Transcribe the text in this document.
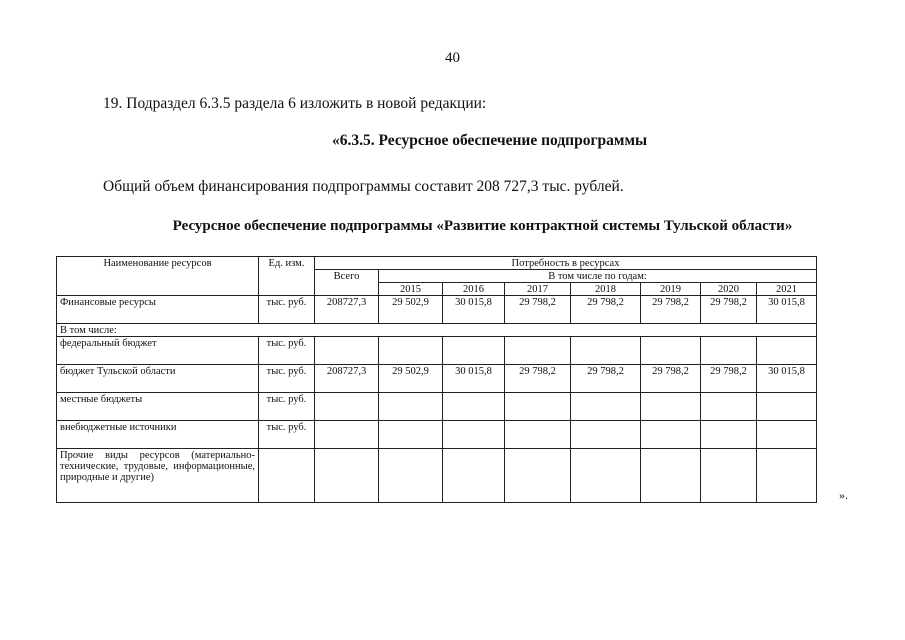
40
19. Подраздел 6.3.5 раздела 6 изложить в новой редакции:
«6.3.5. Ресурсное обеспечение подпрограммы
Общий объем финансирования подпрограммы составит 208 727,3 тыс. рублей.
Ресурсное обеспечение подпрограммы «Развитие контрактной системы Тульской области»
Наименование ресурсов	Ед. изм.	Потребность в ресурсах							
		Всего	В том числе по годам:						
			2015	2016	2017	2018	2019	2020	2021
Финансовые ресурсы	тыс. руб.	208727,3	29 502,9	30 015,8	29 798,2	29 798,2	29 798,2	29 798,2	30 015,8
В том числе:									
федеральный бюджет	тыс. руб.								
бюджет Тульской области	тыс. руб.	208727,3	29 502,9	30 015,8	29 798,2	29 798,2	29 798,2	29 798,2	30 015,8
местные бюджеты	тыс. руб.								
внебюджетные источники	тыс. руб.								
Прочие виды ресурсов (материально-технические, трудовые, информационные, природные и другие)									
».
